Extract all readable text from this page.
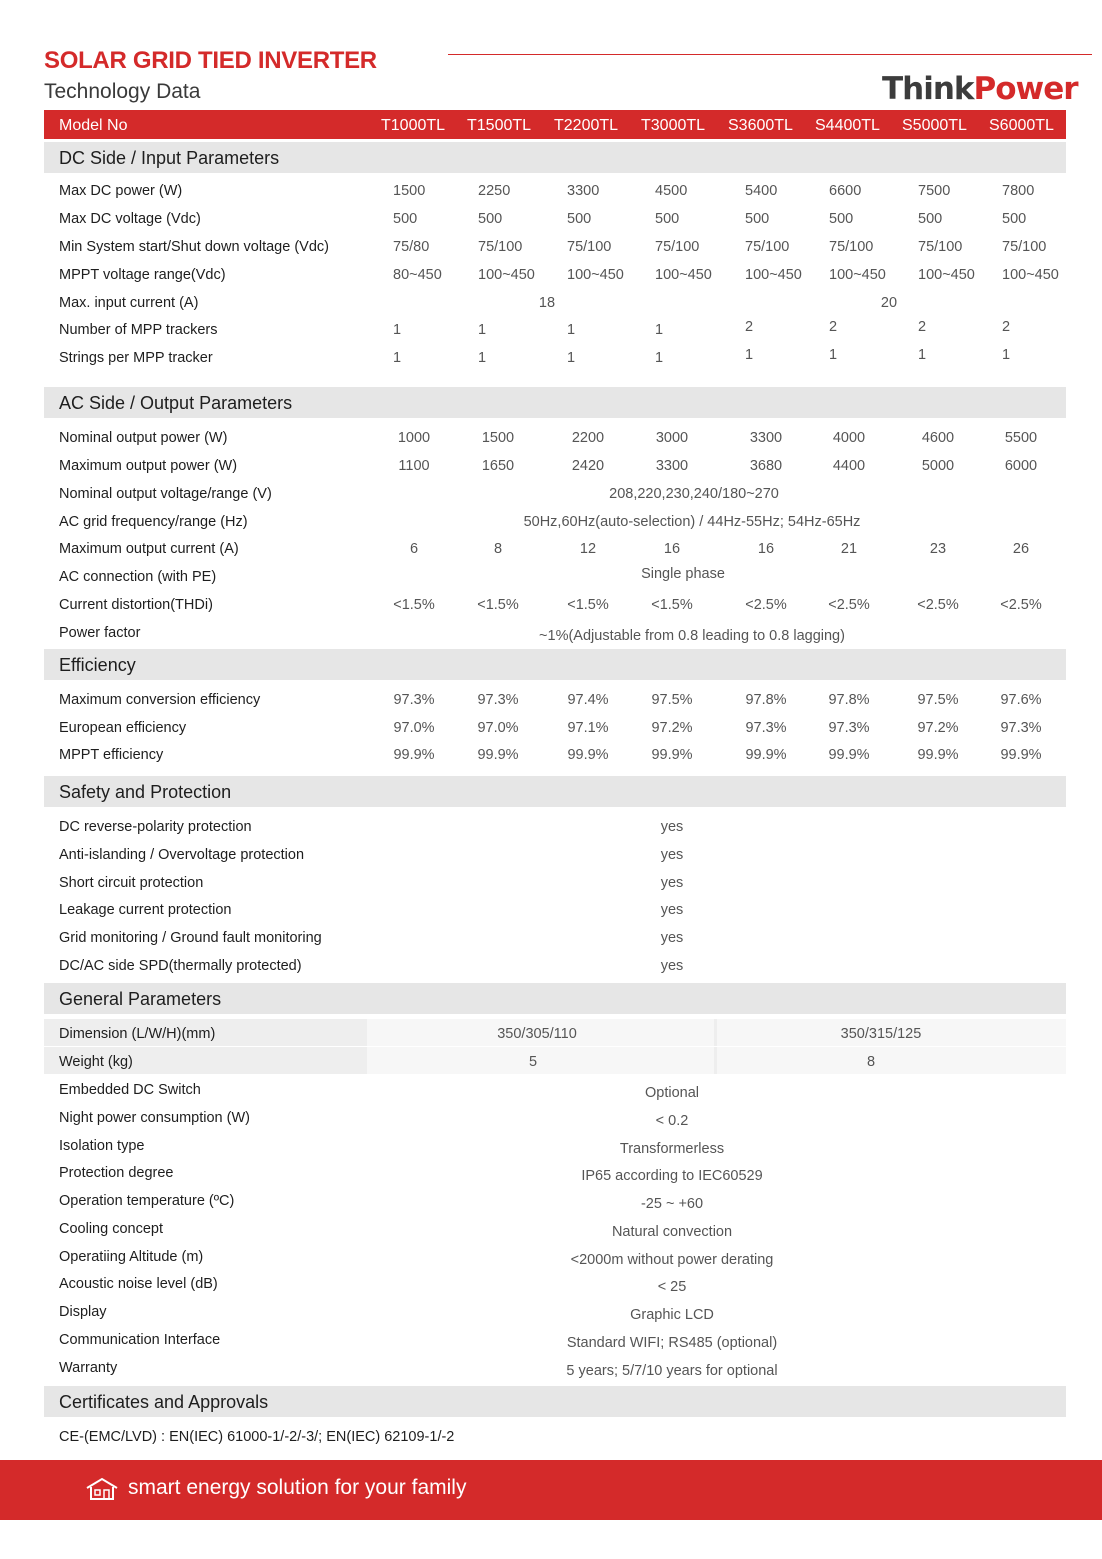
SOLAR GRID TIED INVERTER
Technology Data	ThinkPower
Model No	T1000TL T1500TL T2200TL T3000TL S3600TL S4400TL S5000TL S6000TL
DC Side / Input Parameters
Max DC power (W)	1500	2250	3300	4500	5400	6600	7500	7800
Max DC voltage (Vdc)	500	500	500	500	500	500	500	500
Min System start/Shut down voltage (Vdc)	75/80	75/100	75/100	75/100	75/100	75/100	75/100	75/100
MPPT voltage range(Vdc)	80~450 100~450 100~450 100~450 100~450 100~450 100~450 100~450
Max. input current (A)	18	20
Number of MPP trackers	1	1	1	1	2	2	2	2
Strings per MPP tracker	1	1	1	1	1	1	1	1
AC Side / Output Parameters
Nominal output power (W)	1000	1500	2200	3000	3300	4000	4600	5500
Maximum output power (W)	1100	1650	2420	3300	3680	4400	5000	6000
Nominal output voltage/range (V)	208,220,230,240/180~270
AC grid frequency/range (Hz)	50Hz,60Hz(auto-selection) / 44Hz-55Hz; 54Hz-65Hz
Maximum output current (A)	6	8	12	16	16	21	23	26
AC connection (with PE)	Single phase
Current distortion(THDi)	<1.5%	<1.5%	<1.5%	<1.5%	<2.5%	<2.5%	<2.5%	<2.5%
Power factor	~1%(Adjustable from 0.8 leading to 0.8 lagging)
Efficiency
Maximum conversion efficiency	97.3%	97.3%	97.4%	97.5%	97.8%	97.8%	97.5%	97.6%
European efficiency	97.0%	97.0%	97.1%	97.2%	97.3%	97.3%	97.2%	97.3%
MPPT efficiency	99.9%	99.9%	99.9%	99.9%	99.9%	99.9%	99.9%	99.9%
Safety and Protection
DC reverse-polarity protection	yes
Anti-islanding / Overvoltage protection	yes
Short circuit protection	yes
Leakage current protection	yes
Grid monitoring / Ground fault monitoring	yes
DC/AC side SPD(thermally protected)	yes
General Parameters
Dimension (L/W/H)(mm)	350/305/110	350/315/125
Weight (kg)	5	8
Embedded DC Switch	Optional
Night power consumption (W)	< 0.2
Isolation type	Transformerless
Protection degree	IP65 according to IEC60529
Operation temperature (ºC)	-25 ~ +60
Cooling concept	Natural convection
Operatiing Altitude (m)	<2000m without power derating
Acoustic noise level (dB)	< 25
Display	Graphic LCD
Communication Interface	Standard WIFI; RS485 (optional)
Warranty	5 years; 5/7/10 years for optional
Certificates and Approvals
CE-(EMC/LVD) : EN(IEC) 61000-1/-2/-3/; EN(IEC) 62109-1/-2
smart energy solution for your family
